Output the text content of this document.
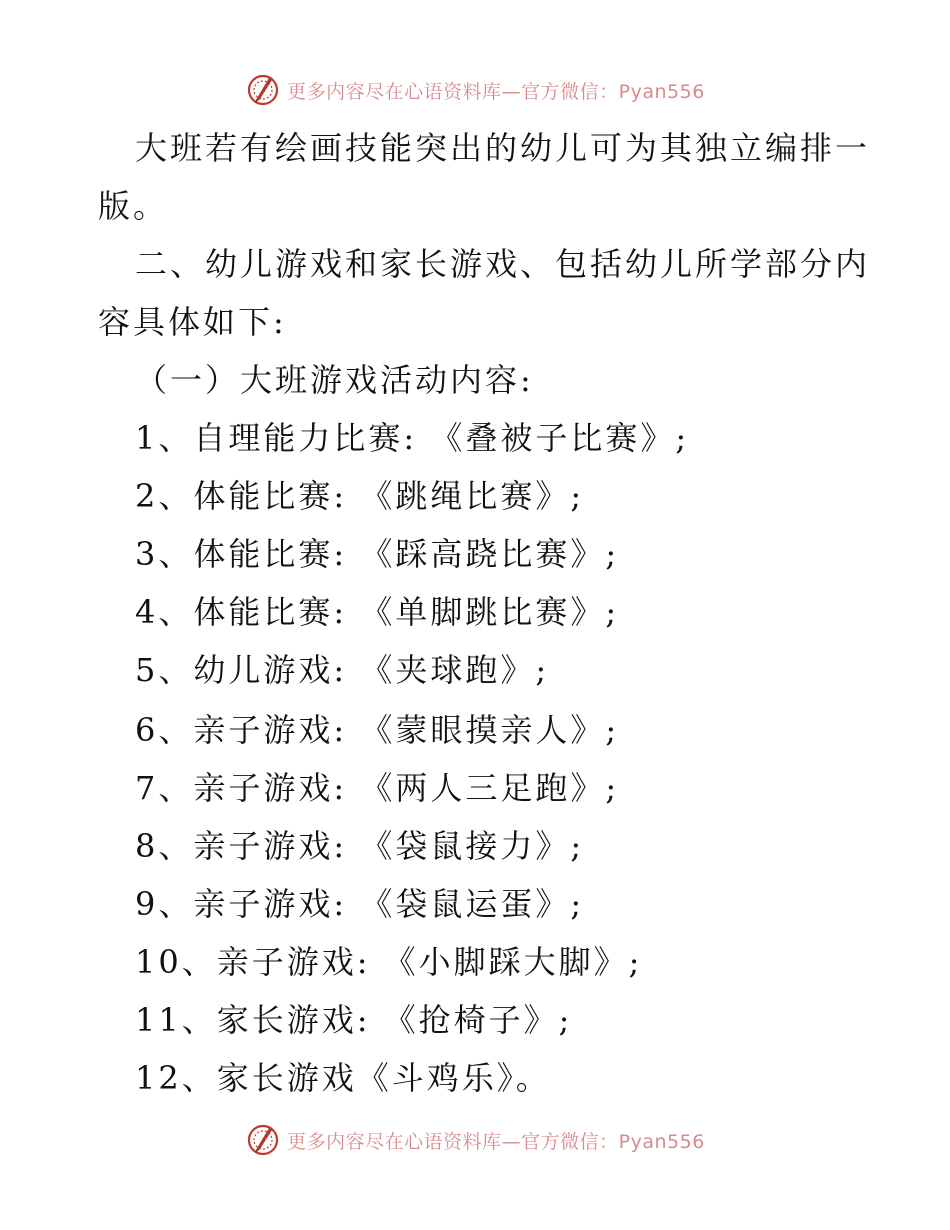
更多内容尽在心语资料库—官方微信：Pyan556
大班若有绘画技能突出的幼儿可为其独立编排一
版。
二、幼儿游戏和家长游戏、包括幼儿所学部分内
容具体如下:
（一）大班游戏活动内容:
1、自理能力比赛: 《叠被子比赛》;
2、体能比赛: 《跳绳比赛》;
3、体能比赛: 《踩高跷比赛》;
4、体能比赛: 《单脚跳比赛》;
5、幼儿游戏: 《夹球跑》;
6、亲子游戏: 《蒙眼摸亲人》;
7、亲子游戏: 《两人三足跑》;
8、亲子游戏: 《袋鼠接力》;
9、亲子游戏: 《袋鼠运蛋》;
10、亲子游戏: 《小脚踩大脚》;
11、家长游戏: 《抢椅子》;
12、家长游戏《斗鸡乐》。
更多内容尽在心语资料库—官方微信：Pyan556
